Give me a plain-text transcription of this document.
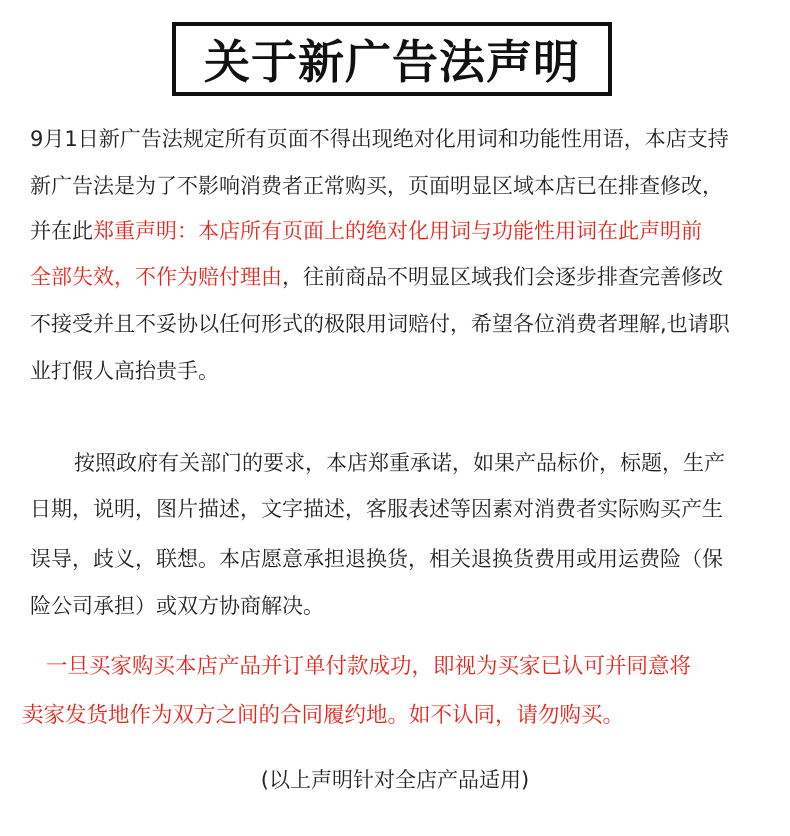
关于新广告法声明
9月1日新广告法规定所有页面不得出现绝对化用词和功能性用语，本店支持
新广告法是为了不影响消费者正常购买，页面明显区域本店已在排查修改，
并在此郑重声明：本店所有页面上的绝对化用词与功能性用词在此声明前
全部失效，不作为赔付理由，往前商品不明显区域我们会逐步排查完善修改
不接受并且不妥协以任何形式的极限用词赔付，希望各位消费者理解,也请职
业打假人高抬贵手。
按照政府有关部门的要求，本店郑重承诺，如果产品标价，标题，生产
日期，说明，图片描述，文字描述，客服表述等因素对消费者实际购买产生
误导，歧义，联想。本店愿意承担退换货，相关退换货费用或用运费险（保
险公司承担）或双方协商解决。
一旦买家购买本店产品并订单付款成功，即视为买家已认可并同意将
卖家发货地作为双方之间的合同履约地。如不认同，请勿购买。
(以上声明针对全店产品适用)
